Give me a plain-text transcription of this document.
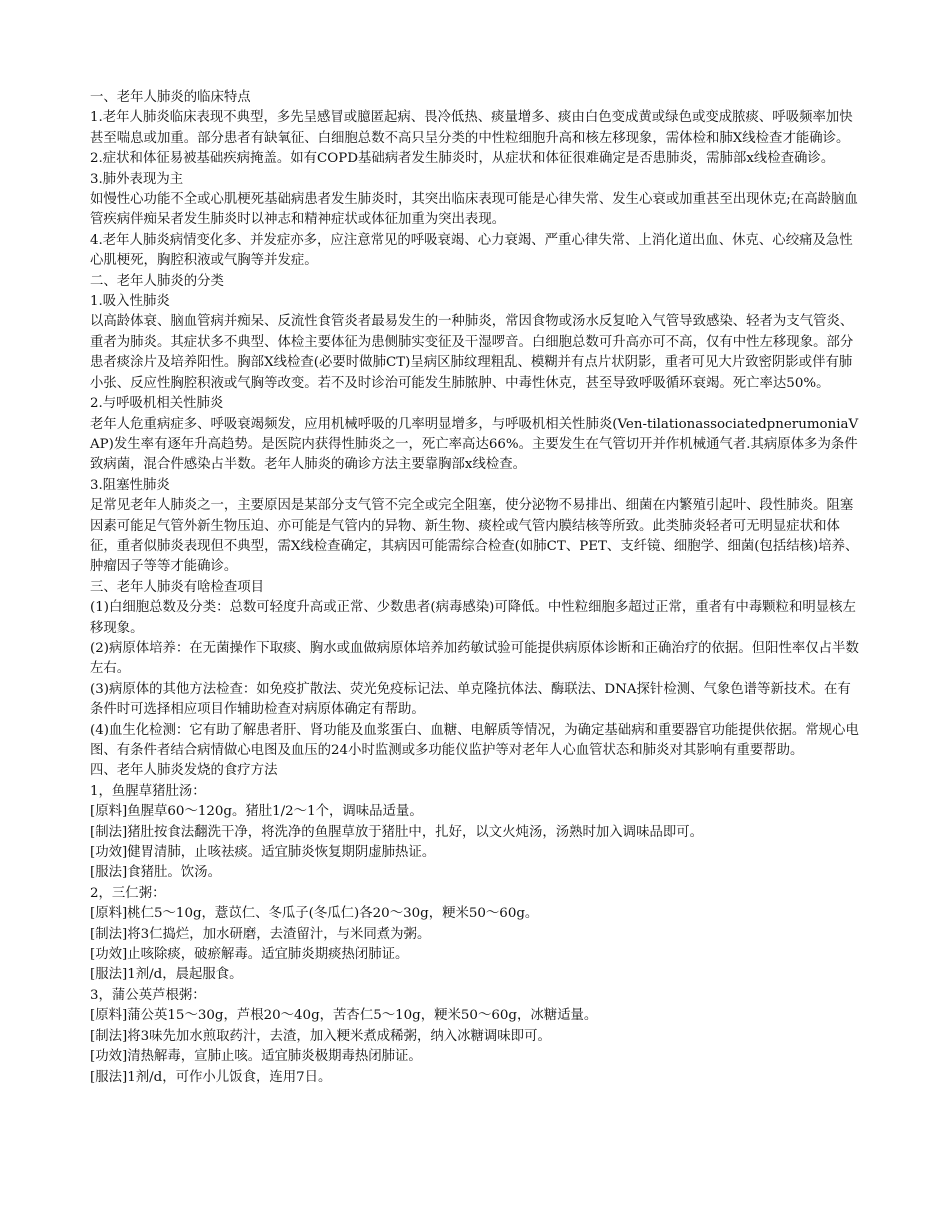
一、老年人肺炎的临床特点

1.老年人肺炎临床表现不典型，多先呈感冒或臆匿起病、畏冷低热、痰量增多、痰由白色变成黄或绿色或变成脓痰、呼吸频率加快甚至喘息或加重。部分患者有缺氧征、白细胞总数不高只呈分类的中性粒细胞升高和核左移现象，需体检和肺X线检查才能确诊。

2.症状和体征易被基础疾病掩盖。如有COPD基础病者发生肺炎时，从症状和体征很难确定是否患肺炎，需肺部x线检查确诊。

3.肺外表现为主

如慢性心功能不全或心肌梗死基础病患者发生肺炎时，其突出临床表现可能是心律失常、发生心衰或加重甚至出现休克;在高龄脑血管疾病伴痴呆者发生肺炎时以神志和精神症状或体征加重为突出表现。

4.老年人肺炎病情变化多、并发症亦多，应注意常见的呼吸衰竭、心力衰竭、严重心律失常、上消化道出血、休克、心绞痛及急性心肌梗死，胸腔积液或气胸等并发症。

二、老年人肺炎的分类

1.吸入性肺炎

以高龄体衰、脑血管病并痴呆、反流性食管炎者最易发生的一种肺炎，常因食物或汤水反复呛入气管导致感染、轻者为支气管炎、重者为肺炎。其症状多不典型、体检主要体征为患侧肺实变征及干湿啰音。白细胞总数可升高亦可不高，仅有中性左移现象。部分患者痰涂片及培养阳性。胸部X线检查(必要时做肺CT)呈病区肺纹理粗乱、模糊并有点片状阴影，重者可见大片致密阴影或伴有肺小张、反应性胸腔积液或气胸等改变。若不及时诊治可能发生肺脓肿、中毒性休克，甚至导致呼吸循环衰竭。死亡率达50%。

2.与呼吸机相关性肺炎

老年人危重病症多、呼吸衰竭频发，应用机械呼吸的几率明显增多，与呼吸机相关性肺炎(Ven-tilationassociatedpnerumoniaVAP)发生率有逐年升高趋势。是医院内获得性肺炎之一，死亡率高达66%。主要发生在气管切开并作机械通气者.其病原体多为条件致病菌，混合件感染占半数。老年人肺炎的确诊方法主要靠胸部x线检查。

3.阻塞性肺炎

足常见老年人肺炎之一，主要原因是某部分支气管不完全或完全阻塞，使分泌物不易排出、细菌在内繁殖引起叶、段性肺炎。阻塞因素可能足气管外新生物压迫、亦可能是气管内的异物、新生物、痰栓或气管内膜结核等所致。此类肺炎轻者可无明显症状和体征，重者似肺炎表现但不典型，需X线检查确定，其病因可能需综合检查(如肺CT、PET、支纤镜、细胞学、细菌(包括结核)培养、肿瘤因子等等才能确诊。

三、老年人肺炎有啥检查项目

(1)白细胞总数及分类：总数可轻度升高或正常、少数患者(病毒感染)可降低。中性粒细胞多超过正常，重者有中毒颗粒和明显核左移现象。

(2)病原体培养：在无菌操作下取痰、胸水或血做病原体培养加药敏试验可能提供病原体诊断和正确治疗的依据。但阳性率仅占半数左右。

(3)病原体的其他方法检查：如免疫扩散法、荧光免疫标记法、单克隆抗体法、酶联法、DNA探针检测、气象色谱等新技术。在有条件时可选择相应项目作辅助检查对病原体确定有帮助。

(4)血生化检测：它有助了解患者肝、肾功能及血浆蛋白、血糖、电解质等情况，为确定基础病和重要器官功能提供依据。常规心电图、有条件者结合病情做心电图及血压的24小时监测或多功能仪监护等对老年人心血管状态和肺炎对其影响有重要帮助。

四、老年人肺炎发烧的食疗方法

1，鱼腥草猪肚汤：

[原料]鱼腥草60～120g。猪肚1/2～1个，调味品适量。

[制法]猪肚按食法翻洗干净，将洗净的鱼腥草放于猪肚中，扎好，以文火炖汤，汤熟时加入调味品即可。

[功效]健胃清肺，止咳祛痰。适宜肺炎恢复期阴虚肺热证。

[服法]食猪肚。饮汤。

2，三仁粥：

[原料]桃仁5～10g，薏苡仁、冬瓜子(冬瓜仁)各20～30g，粳米50～60g。

[制法]将3仁捣烂，加水研磨，去渣留汁，与米同煮为粥。

[功效]止咳除痰，破瘀解毒。适宜肺炎期痰热闭肺证。

[服法]1剂/d，晨起服食。

3，蒲公英芦根粥：

[原料]蒲公英15～30g，芦根20～40g，苦杏仁5～10g，粳米50～60g，冰糖适量。

[制法]将3味先加水煎取药汁，去渣，加入粳米煮成稀粥，纳入冰糖调味即可。

[功效]清热解毒，宣肺止咳。适宜肺炎极期毒热闭肺证。

[服法]1剂/d，可作小儿饭食，连用7日。
